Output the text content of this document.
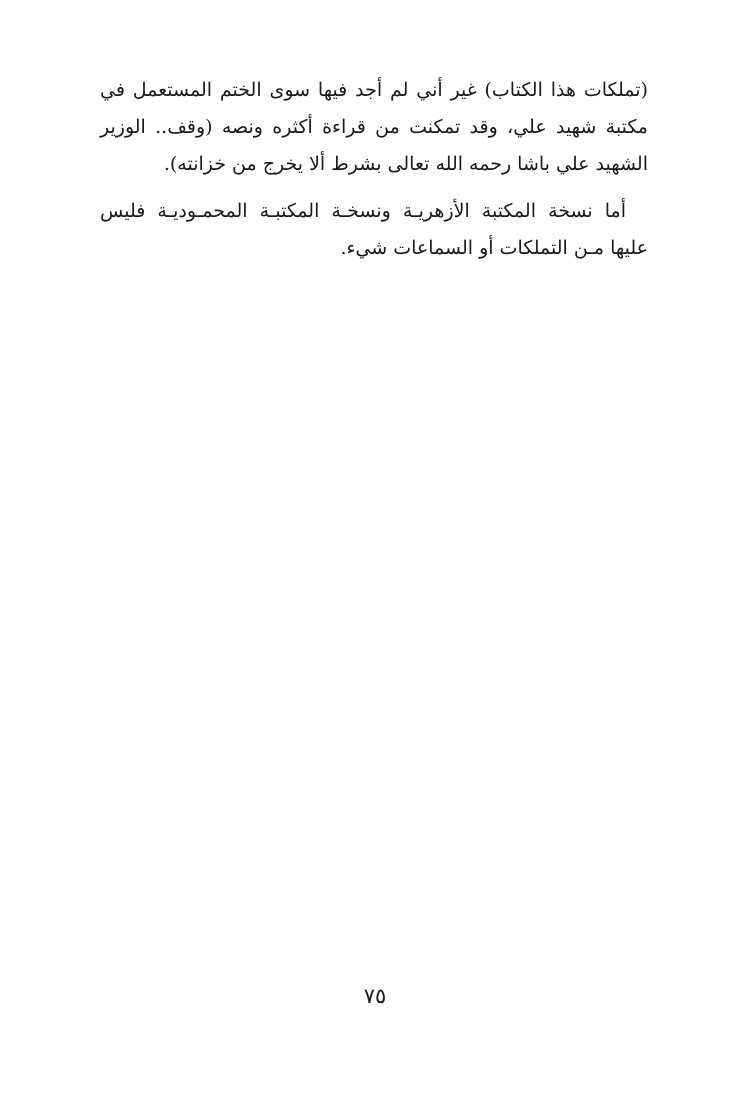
(تملكات هذا الكتاب) غير أني لم أجد فيها سوى الختم المستعمل في مكتبة شهيد علي، وقد تمكنت من قراءة أكثره ونصه (وقف.. الوزير الشهيد علي باشا رحمه الله تعالى بشرط ألا يخرج من خزانته).

أما نسخة المكتبة الأزهريـة ونسخـة المكتبـة المحمـوديـة فليس عليها مـن التملكات أو السماعات شيء.

٧٥
